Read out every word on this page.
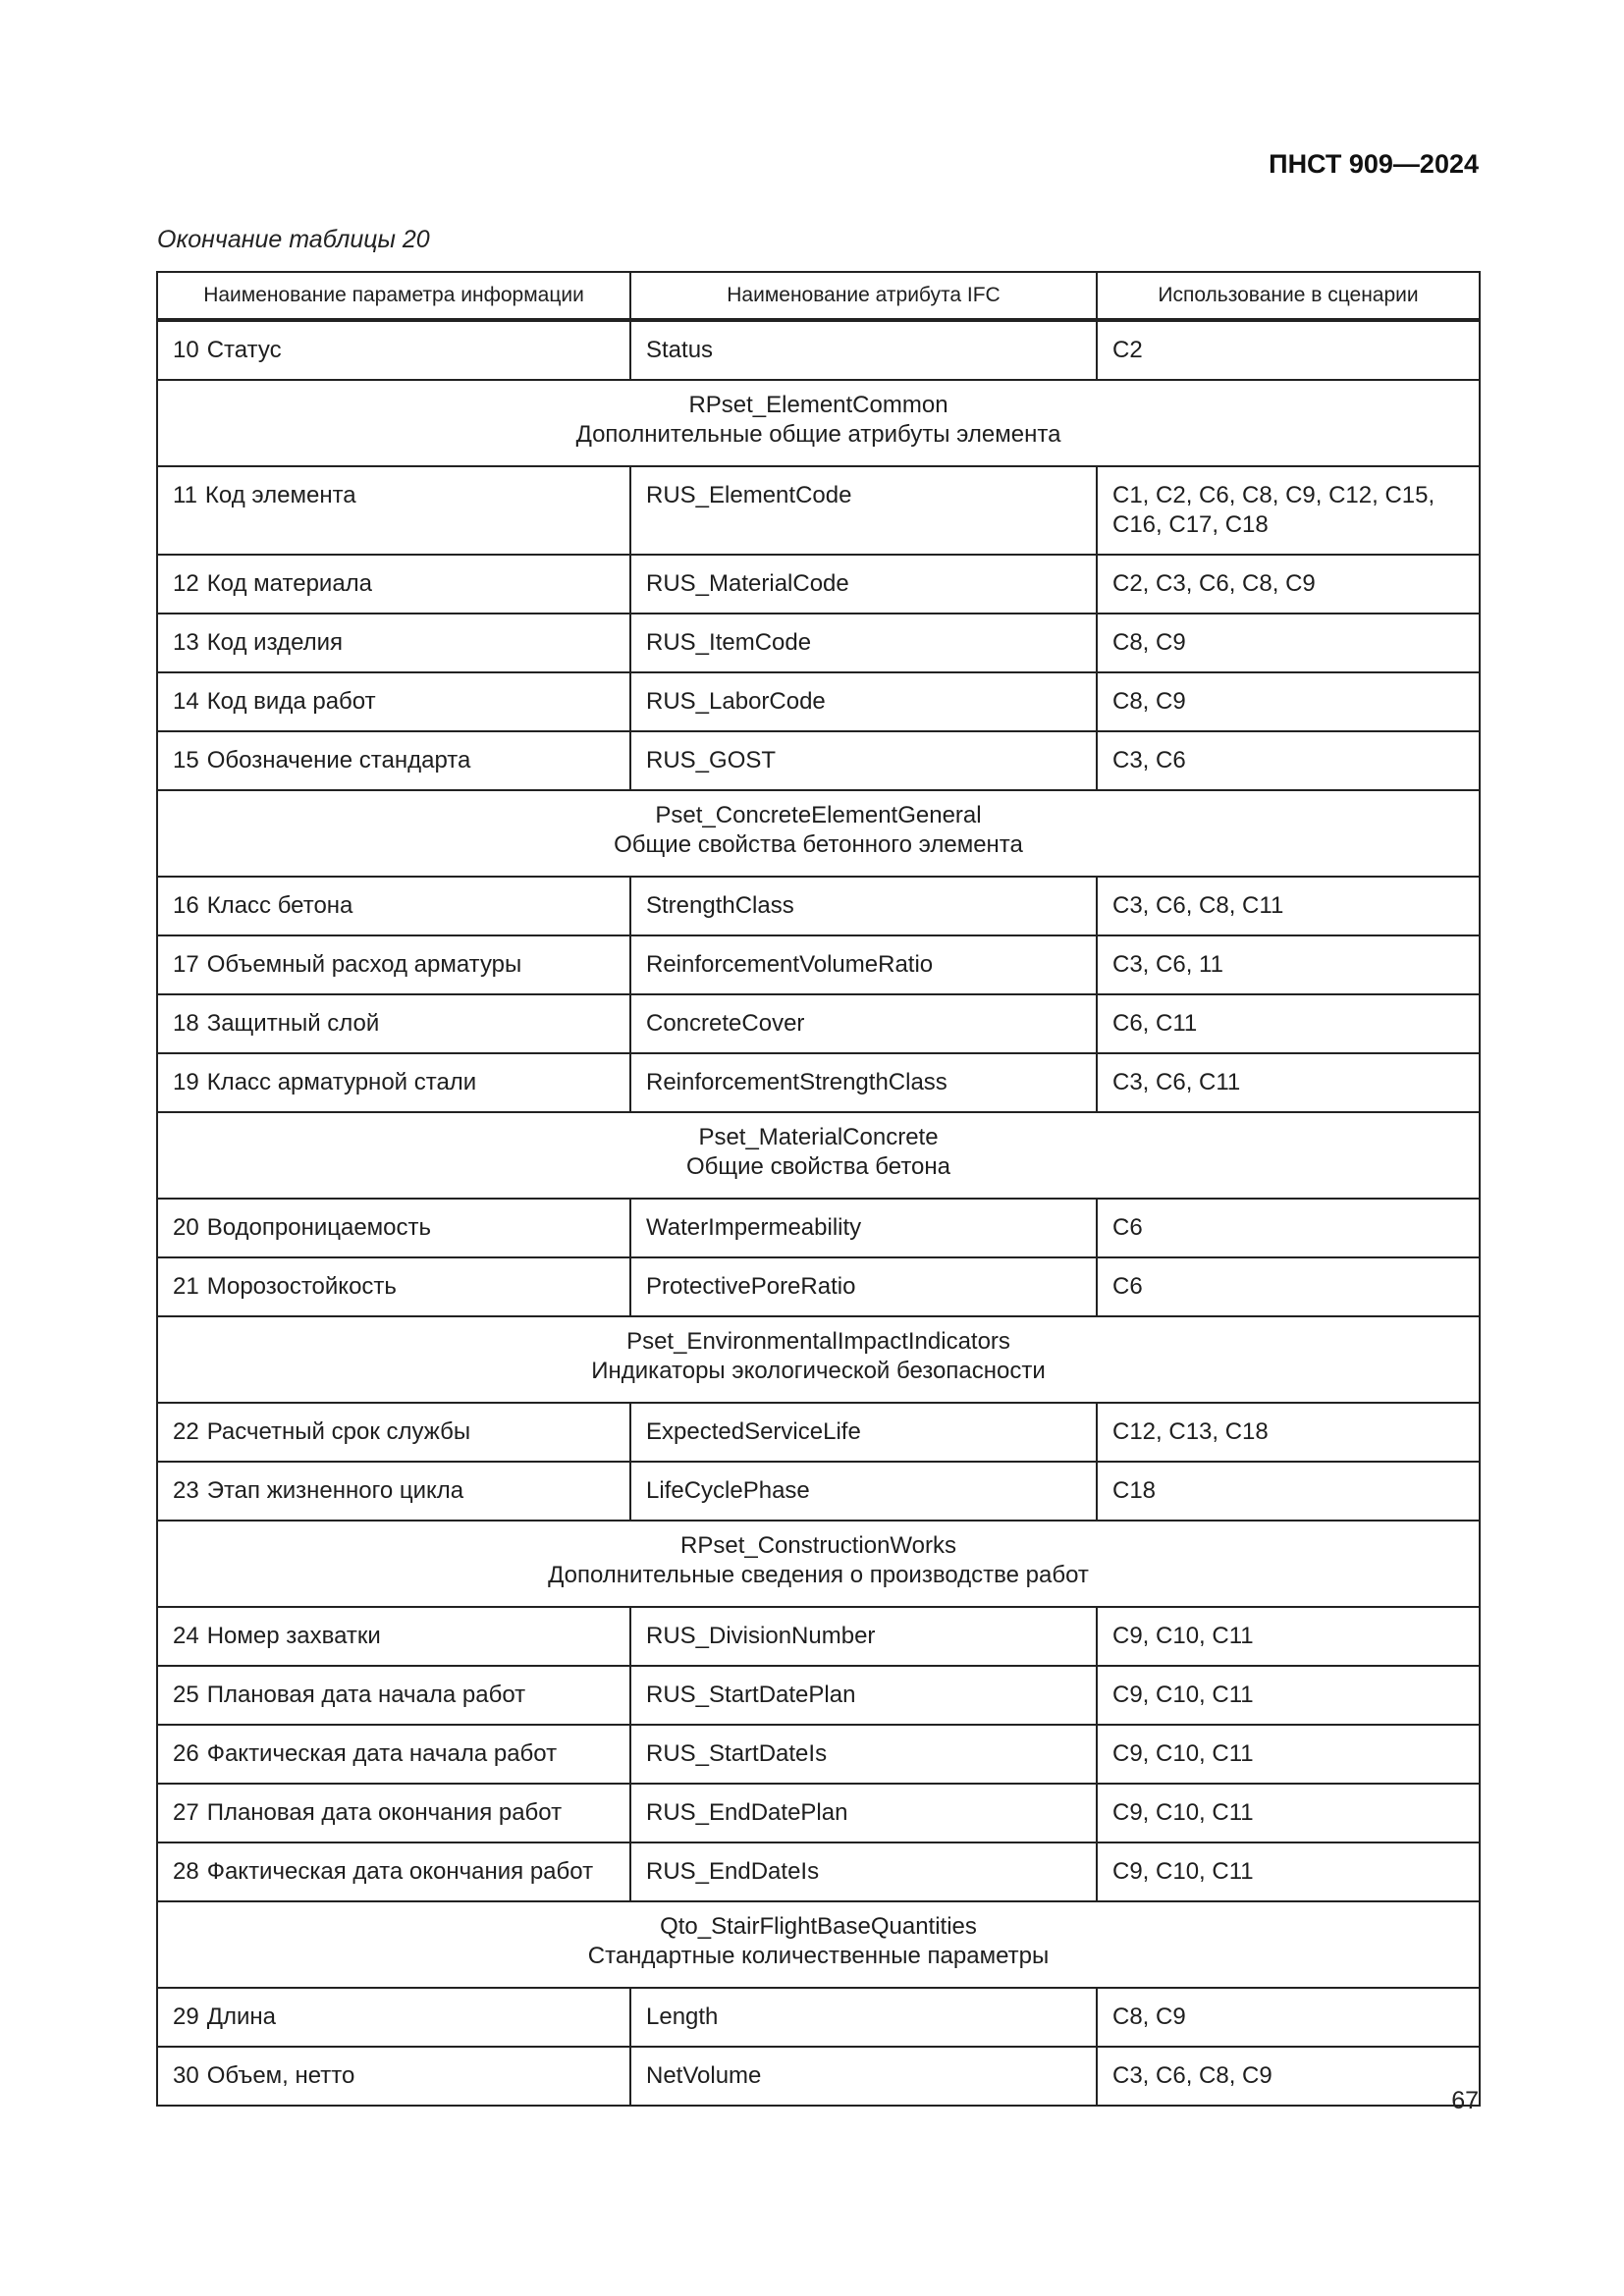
ПНСТ 909—2024
Окончание таблицы 20
Наименование параметра информации	Наименование атрибута IFC	Использование в сценарии
10 Статус	Status	C2

RPset_ElementCommon
Дополнительные общие атрибуты элемента		

11 Код элемента	RUS_ElementCode	C1, C2, C6, C8, C9, C12, C15, C16, C17, C18
12 Код материала	RUS_MaterialCode	C2, C3, C6, C8, C9
13 Код изделия	RUS_ItemCode	C8, C9
14 Код вида работ	RUS_LaborCode	C8, C9
15 Обозначение стандарта	RUS_GOST	C3, C6

Pset_ConcreteElementGeneral
Общие свойства бетонного элемента		

16 Класс бетона	StrengthClass	C3, C6, C8, C11
17 Объемный расход арматуры	ReinforcementVolumeRatio	C3, C6, 11
18 Защитный слой	ConcreteCover	C6, C11
19 Класс арматурной стали	ReinforcementStrengthClass	C3, C6, C11

Pset_MaterialConcrete
Общие свойства бетона		

20 Водопроницаемость	WaterImpermeability	C6
21 Морозостойкость	ProtectivePoreRatio	C6

Pset_EnvironmentalImpactIndicators
Индикаторы экологической безопасности		

22 Расчетный срок службы	ExpectedServiceLife	C12, C13, C18
23 Этап жизненного цикла	LifeCyclePhase	C18

RPset_ConstructionWorks
Дополнительные сведения о производстве работ		

24 Номер захватки	RUS_DivisionNumber	C9, C10, C11
25 Плановая дата начала работ	RUS_StartDatePlan	C9, C10, C11
26 Фактическая дата начала работ	RUS_StartDateIs	C9, C10, C11
27 Плановая дата окончания работ	RUS_EndDatePlan	C9, C10, C11
28 Фактическая дата окончания работ	RUS_EndDateIs	C9, C10, C11

Qto_StairFlightBaseQuantities
Стандартные количественные параметры		

29 Длина	Length	C8, C9
30 Объем, нетто	NetVolume	C3, C6, C8, C9
67
